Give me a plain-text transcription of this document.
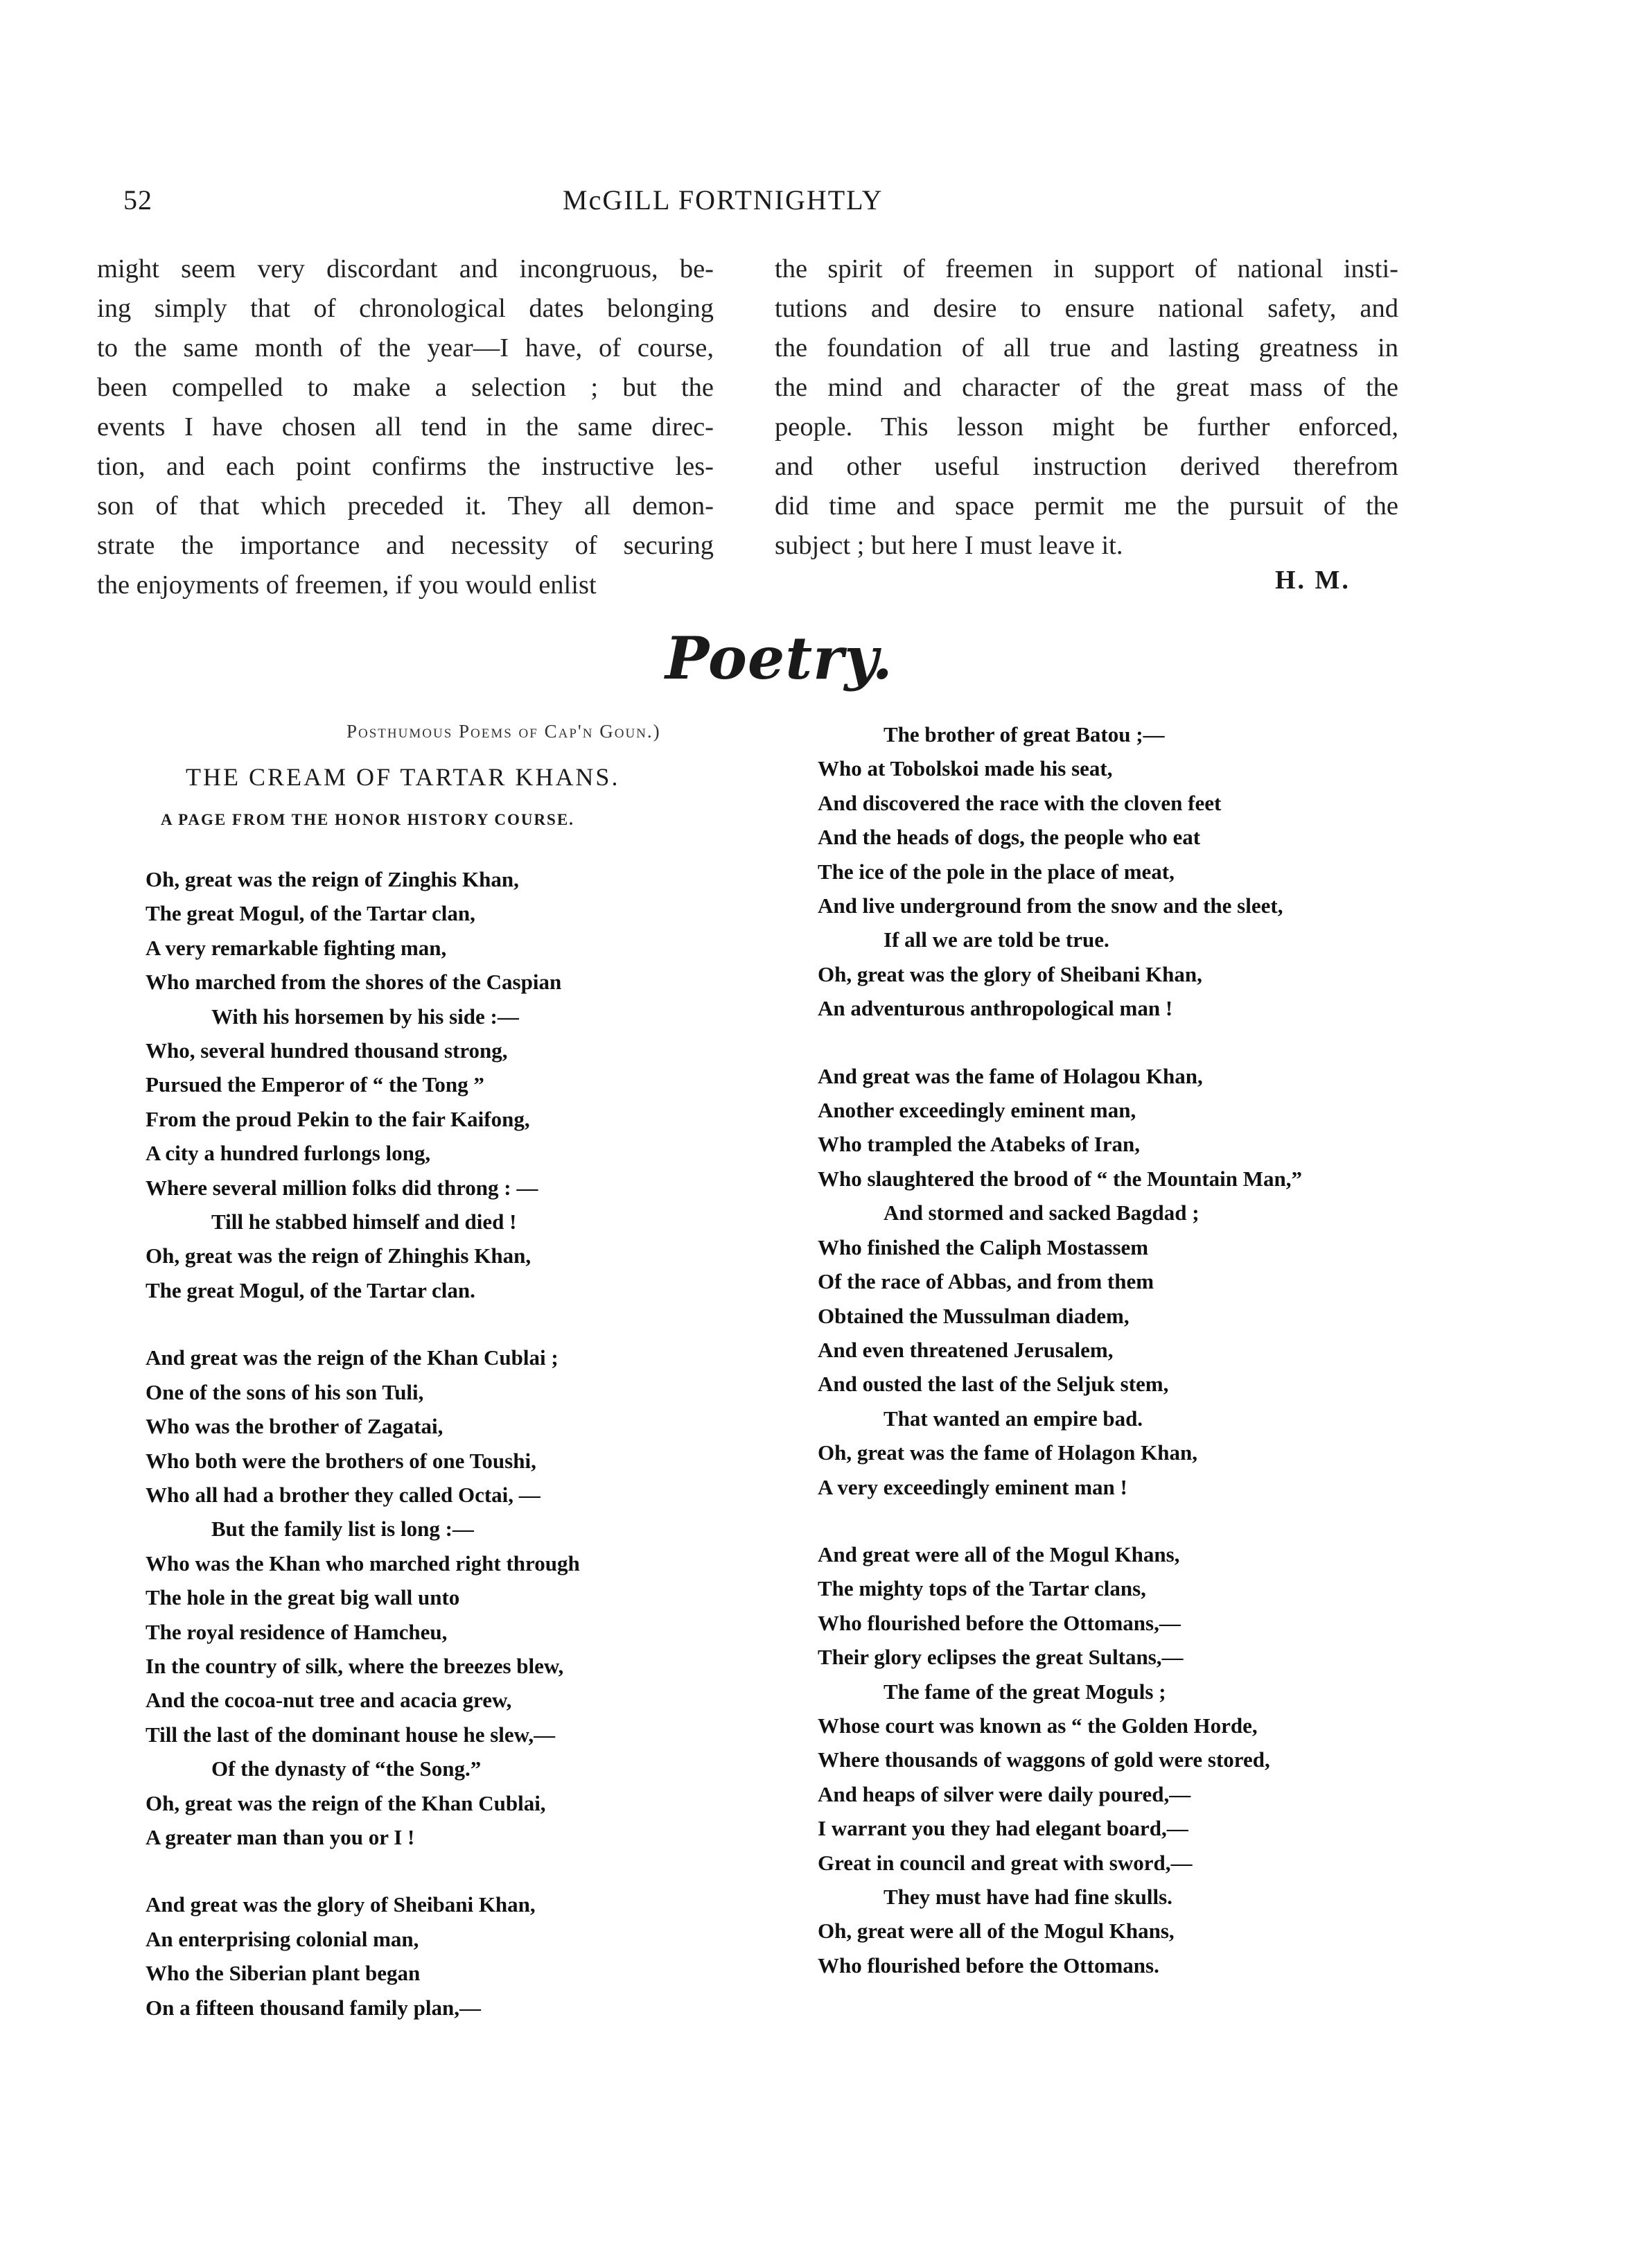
52	McGILL FORTNIGHTLY
might seem very discordant and incongruous, be-
ing simply that of chronological dates belonging
to the same month of the year—I have, of course,
been compelled to make a selection ; but the
events I have chosen all tend in the same direc-
tion, and each point confirms the instructive les-
son of that which preceded it. They all demon-
strate the importance and necessity of securing
the enjoyments of freemen, if you would enlist
the spirit of freemen in support of national insti-
tutions and desire to ensure national safety, and
the foundation of all true and lasting greatness in
the mind and character of the great mass of the
people. This lesson might be further enforced,
and other useful instruction derived therefrom
did time and space permit me the pursuit of the
subject ; but here I must leave it.
H. M.
Poetry.
Posthumous Poems of Cap'n Goun.)
THE CREAM OF TARTAR KHANS.
A PAGE FROM THE HONOR HISTORY COURSE.
Oh, great was the reign of Zinghis Khan,
The great Mogul, of the Tartar clan,
A very remarkable fighting man,
Who marched from the shores of the Caspian
With his horsemen by his side :—
Who, several hundred thousand strong,
Pursued the Emperor of “ the Tong ”
From the proud Pekin to the fair Kaifong,
A city a hundred furlongs long,
Where several million folks did throng : —
Till he stabbed himself and died !
Oh, great was the reign of Zhinghis Khan,
The great Mogul, of the Tartar clan.
And great was the reign of the Khan Cublai ;
One of the sons of his son Tuli,
Who was the brother of Zagatai,
Who both were the brothers of one Toushi,
Who all had a brother they called Octai, —
But the family list is long :—
Who was the Khan who marched right through
The hole in the great big wall unto
The royal residence of Hamcheu,
In the country of silk, where the breezes blew,
And the cocoa-nut tree and acacia grew,
Till the last of the dominant house he slew,—
Of the dynasty of “the Song.”
Oh, great was the reign of the Khan Cublai,
A greater man than you or I !
And great was the glory of Sheibani Khan,
An enterprising colonial man,
Who the Siberian plant began
On a fifteen thousand family plan,—
The brother of great Batou ;—
Who at Tobolskoi made his seat,
And discovered the race with the cloven feet
And the heads of dogs, the people who eat
The ice of the pole in the place of meat,
And live underground from the snow and the sleet,
If all we are told be true.
Oh, great was the glory of Sheibani Khan,
An adventurous anthropological man !
And great was the fame of Holagou Khan,
Another exceedingly eminent man,
Who trampled the Atabeks of Iran,
Who slaughtered the brood of “ the Mountain Man,”
And stormed and sacked Bagdad ;
Who finished the Caliph Mostassem
Of the race of Abbas, and from them
Obtained the Mussulman diadem,
And even threatened Jerusalem,
And ousted the last of the Seljuk stem,
That wanted an empire bad.
Oh, great was the fame of Holagon Khan,
A very exceedingly eminent man !
And great were all of the Mogul Khans,
The mighty tops of the Tartar clans,
Who flourished before the Ottomans,—
Their glory eclipses the great Sultans,—
The fame of the great Moguls ;
Whose court was known as “ the Golden Horde,
Where thousands of waggons of gold were stored,
And heaps of silver were daily poured,—
I warrant you they had elegant board,—
Great in council and great with sword,—
They must have had fine skulls.
Oh, great were all of the Mogul Khans,
Who flourished before the Ottomans.
